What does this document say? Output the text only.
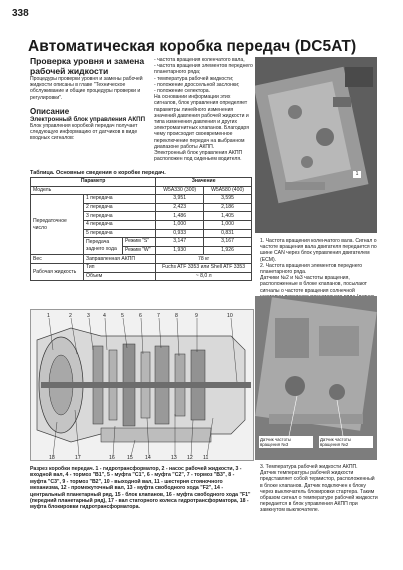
338
Автоматическая коробка передач (DC5AT)

Проверка уровня и замена рабочей жидкости

Процедуры проверки уровня и замены рабочей жидкости описаны в главе "Техническое обслуживание и общие процедуры проверки и регулировки".

Описание

Электронный блок управления АКПП

Блок управления коробкой передач получает следующую информацию от датчиков в виде входных сигналов:

- частота вращения коленчатого вала,

- частота вращения элементов переднего планетарного ряда;

- температура рабочей жидкости;

- положение дроссельной заслонки;

- положение селектора.

На основании информации этих сигналов, блок управления определяет параметры линейного изменения значений давления рабочей жидкости и типа изменения давления и других электромагнитных клапанов. Благодаря чему происходит своевременное переключение передач на выбранном диапазоне работы АКПП.

Электронный блок управления АКПП расположен под сиденьем водителя.

1
1. Частота вращения коленчатого вала. Сигнал о частоте вращения вала двигателя передается по шине CAN через блок управления двигателем (ECM).
2. Частота вращения элементов переднего планетарного ряда.
Датчики №2 и №3 частоты вращения, расположенные в блоке клапанов, посылают сигналы о частоте вращения солнечной
Таблица. Основные сведения о коробке передач.
Параметр			Значение	
Модель			W5A330 (300)	W5A580 (400)
Передаточное число	1 передача		3,951	3,595
	2 передача		2,423	2,186
	3 передача		1,486	1,405
	4 передача		1,000	1,000
	5 передача		0,933	0,831
	Передача заднего хода	Режим "S"	3,147	3,167
		Режим "W"	1,930	1,926
Вес	Заправленная АКПП		78 кг	
Рабочая жидкость	Тип		Fuchs ATF 3353 или Shell ATF 3353	
	Объем		~ 8,0 л	
1	2	3	4	5	6	7	8	9	10
18	17	16 15 14	13 12 11
Разрез коробки передач. 1 - гидротрансформатор, 2 - насос рабочей жидкости, 3 - входной вал, 4 - тормоз "B1", 5 - муфта "C1", 6 - муфта "C2", 7 - тормоз "B3", 8 - муфта "C3", 9 - тормоз "B2", 10 - выходной вал, 11 - шестерня стояночного механизма, 12 - промежуточный вал, 13 - муфта свободного хода "F2", 14 - центральный планетарный ряд, 15 - блок клапанов, 16 - муфта свободного хода "F1" (передний планетарный ряд), 17 - вал статорного колеса гидротрансформатора, 18 - муфта блокировки гидротрансформатора.
Датчик частоты вращения №3
Датчик частоты вращения №2
3. Температура рабочей жидкости АКПП.
Датчик температуры рабочей жидкости представляет собой термистор, расположенный в блоке клапанов. Датчик подключен к блоку через выключатель блокировки стартера. Таким образом сигнал о температуре рабочей жидкости передается в блок управления АКПП при замкнутом выключателе.
